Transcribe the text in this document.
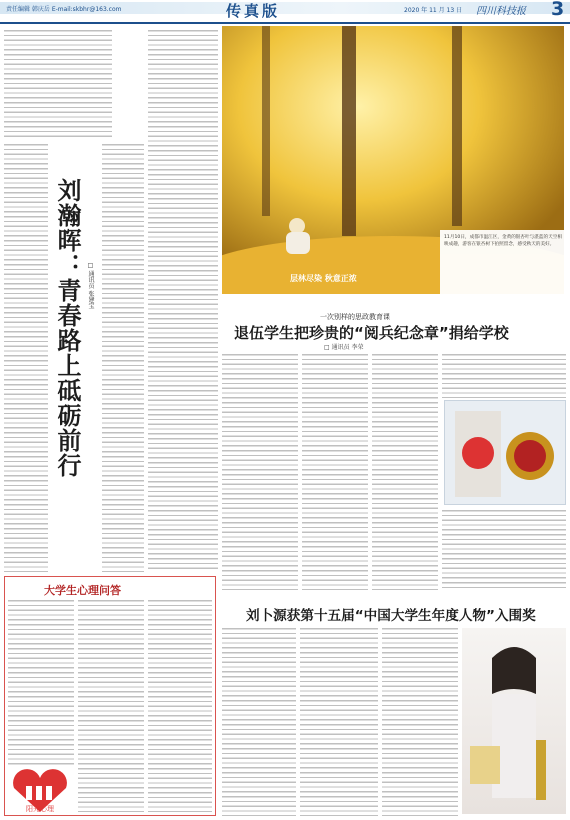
责任编辑 韩庆岳 E-mail:skbhr@163.com	传真版	2020 年 11 月 13 日 四川科技报 3
刘瀚晖：青春路上砥砺前行 □ 通讯员 张建宝	层林尽染 秋意正浓
11月10日，成都市温江区，金黄的银杏叶与湛蓝的天空相映成趣，游客在银杏树下拍照留念，感受秋天的美好。
一次别样的思政教育课
退伍学生把珍贵的“阅兵纪念章”捐给学校
□ 通讯员 李荣
大学生心理问答
阳光心理
刘卜源获第十五届“中国大学生年度人物”入围奖
